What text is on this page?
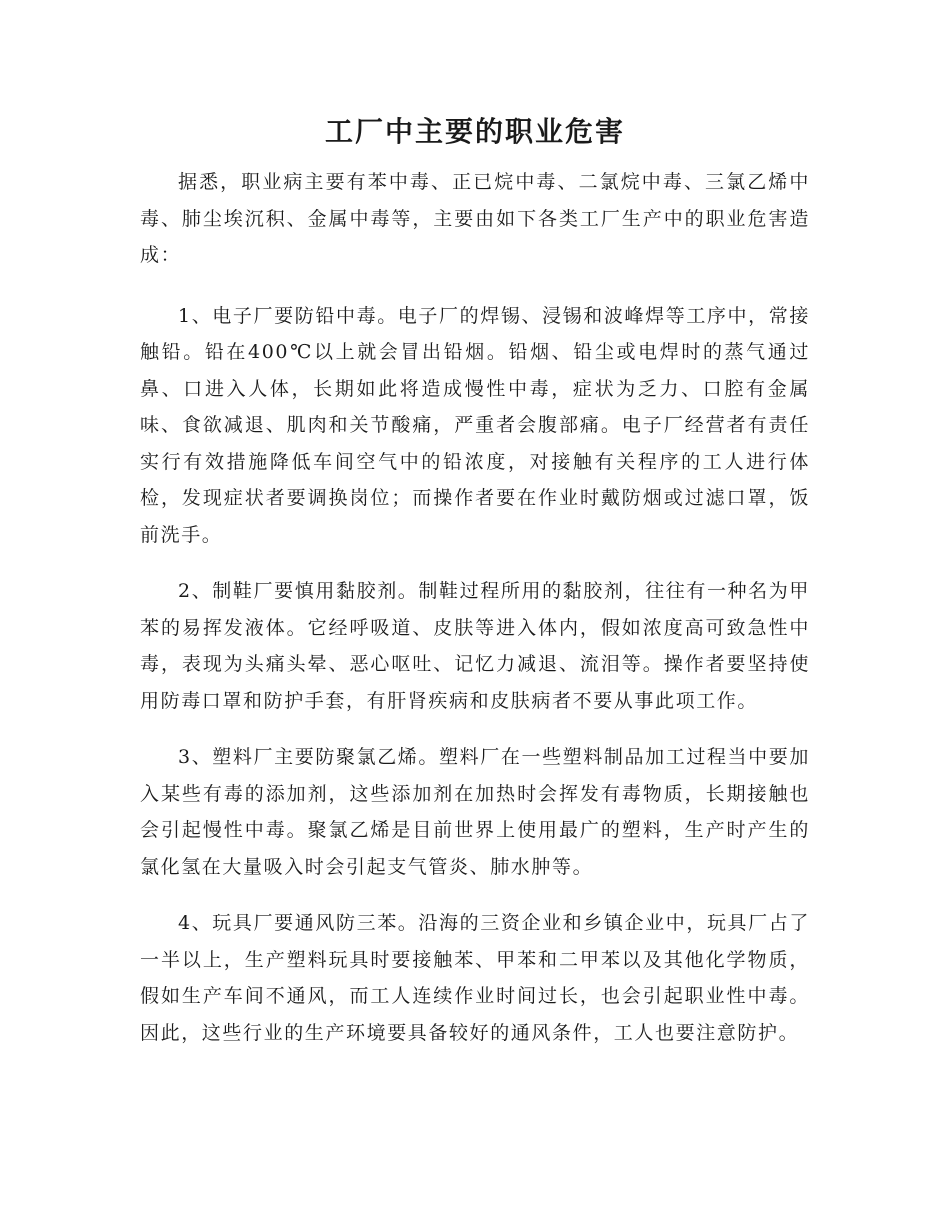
工厂中主要的职业危害

据悉，职业病主要有苯中毒、正已烷中毒、二氯烷中毒、三氯乙烯中毒、肺尘埃沉积、金属中毒等，主要由如下各类工厂生产中的职业危害造成：

1、电子厂要防铅中毒。电子厂的焊锡、浸锡和波峰焊等工序中，常接触铅。铅在400℃以上就会冒出铅烟。铅烟、铅尘或电焊时的蒸气通过鼻、口进入人体，长期如此将造成慢性中毒，症状为乏力、口腔有金属味、食欲减退、肌肉和关节酸痛，严重者会腹部痛。电子厂经营者有责任实行有效措施降低车间空气中的铅浓度，对接触有关程序的工人进行体检，发现症状者要调换岗位；而操作者要在作业时戴防烟或过滤口罩，饭前洗手。

2、制鞋厂要慎用黏胶剂。制鞋过程所用的黏胶剂，往往有一种名为甲苯的易挥发液体。它经呼吸道、皮肤等进入体内，假如浓度高可致急性中毒，表现为头痛头晕、恶心呕吐、记忆力减退、流泪等。操作者要坚持使用防毒口罩和防护手套，有肝肾疾病和皮肤病者不要从事此项工作。

3、塑料厂主要防聚氯乙烯。塑料厂在一些塑料制品加工过程当中要加入某些有毒的添加剂，这些添加剂在加热时会挥发有毒物质，长期接触也会引起慢性中毒。聚氯乙烯是目前世界上使用最广的塑料，生产时产生的氯化氢在大量吸入时会引起支气管炎、肺水肿等。

4、玩具厂要通风防三苯。沿海的三资企业和乡镇企业中，玩具厂占了一半以上，生产塑料玩具时要接触苯、甲苯和二甲苯以及其他化学物质，假如生产车间不通风，而工人连续作业时间过长，也会引起职业性中毒。因此，这些行业的生产环境要具备较好的通风条件，工人也要注意防护。
